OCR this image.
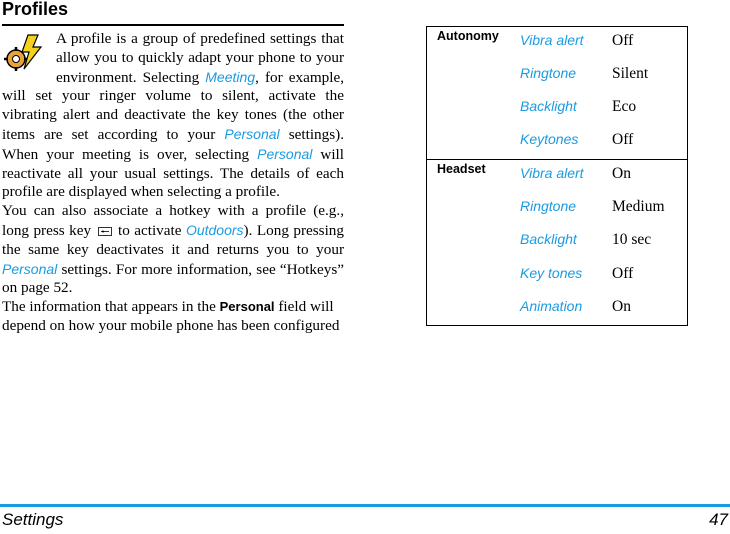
Profiles

A profile is a group of predefined settings that allow you to quickly adapt your phone to your environment. Selecting Meeting, for example, will set your ringer volume to silent, activate the vibrating alert and deactivate the key tones (the other items are set according to your Personal settings). When your meeting is over, selecting Personal will reactivate all your usual settings. The details of each profile are displayed when selecting a profile.

You can also associate a hotkey with a profile (e.g., long press key  to activate Outdoors). Long pressing the same key deactivates it and returns you to your Personal settings. For more information, see “Hotkeys” on page 52.

The information that appears in the Personal field will depend on how your mobile phone has been configured

Autonomy Vibra alert Off
Ringtone Silent
Backlight Eco
Keytones Off
Headset Vibra alert On
Ringtone Medium
Backlight 10 sec
Key tones Off
Animation On
Settings	47
